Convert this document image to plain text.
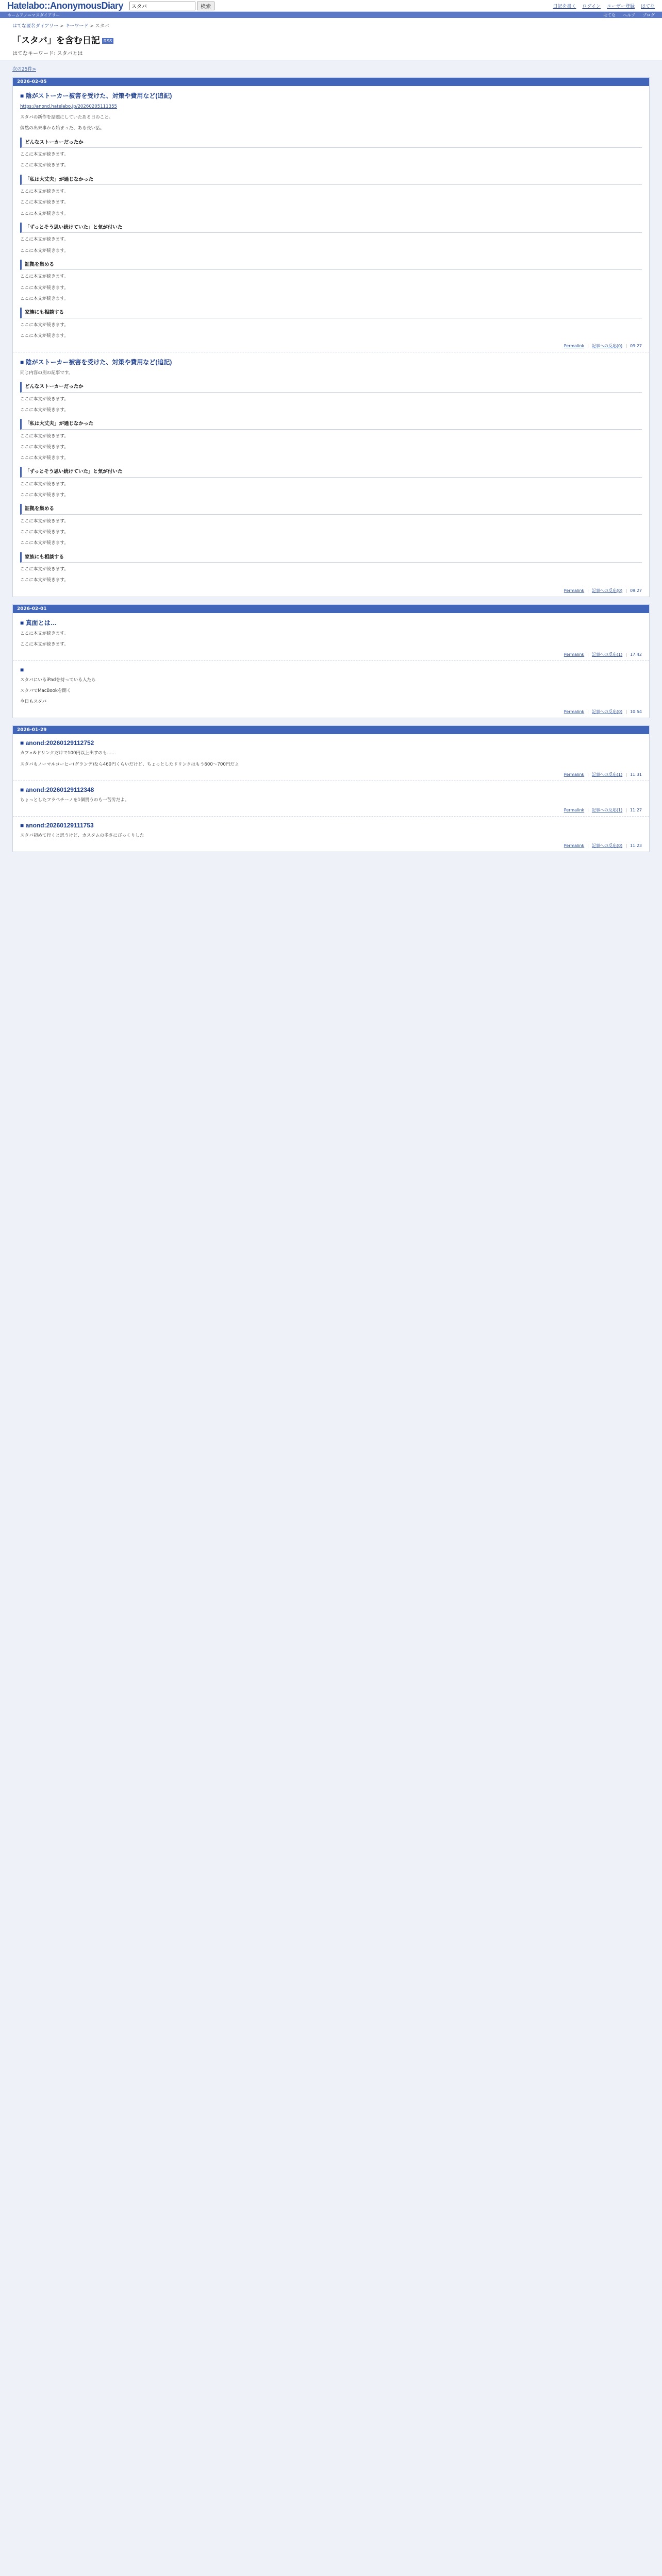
Hatelabo::AnonymousDiary
スタバ	検索	日記を書く ログイン ユーザー登録 はてな
ホームアノニマスダイアリー	はてな ヘルプ ブログ
はてな匿名ダイアリー > キーワード > スタバ
「スタバ」を含む日記 RSS
はてなキーワード: スタバとは
次の25件>
2026-02-05
■ 陰がストーカー被害を受けた、対策や費用など(追記)

https://anond.hatelabo.jp/20260205111355

スタバの新作を話題にしていたある日のこと。

偶然の出来事から始まった、ある長い話。

どんなストーカーだったか

ここに本文が続きます。

ここに本文が続きます。

「私は大丈夫」が通じなかった

ここに本文が続きます。

ここに本文が続きます。

ここに本文が続きます。

「ずっとそう思い続けていた」と気が付いた

ここに本文が続きます。

ここに本文が続きます。

証拠を集める

ここに本文が続きます。

ここに本文が続きます。

ここに本文が続きます。

家族にも相談する

ここに本文が続きます。

ここに本文が続きます。

Permalink | 記事への反応(0) | 09:27
■ 陰がストーカー被害を受けた、対策や費用など(追記)

同じ内容の別の記事です。

どんなストーカーだったか

ここに本文が続きます。

ここに本文が続きます。

「私は大丈夫」が通じなかった

ここに本文が続きます。

ここに本文が続きます。

ここに本文が続きます。

「ずっとそう思い続けていた」と気が付いた

ここに本文が続きます。

ここに本文が続きます。

証拠を集める

ここに本文が続きます。

ここに本文が続きます。

ここに本文が続きます。

家族にも相談する

ここに本文が続きます。

ここに本文が続きます。

Permalink | 記事への反応(0) | 09:27
2026-02-01
■ 真面とは…

ここに本文が続きます。

ここに本文が続きます。

Permalink | 記事への反応(1) | 17:42
■

スタバにいるiPadを持っている人たち

スタバでMacBookを開く

今日もスタバ

Permalink | 記事への反応(0) | 10:54
2026-01-29
■ anond:20260129112752

カフェ&ドリンクだけで100円以上出すのも……

スタバもノーマルコーヒー(グランデ)なら460円くらいだけど、ちょっとしたドリンクはもう600〜700円だよ

Permalink | 記事への反応(1) | 11:31
■ anond:20260129112348

ちょっとしたフラペチーノを1個買うのも一苦労だよ。

Permalink | 記事への反応(1) | 11:27
■ anond:20260129111753

スタバ初めて行くと思うけど、カスタムの多さにびっくりした

Permalink | 記事への反応(0) | 11:23
